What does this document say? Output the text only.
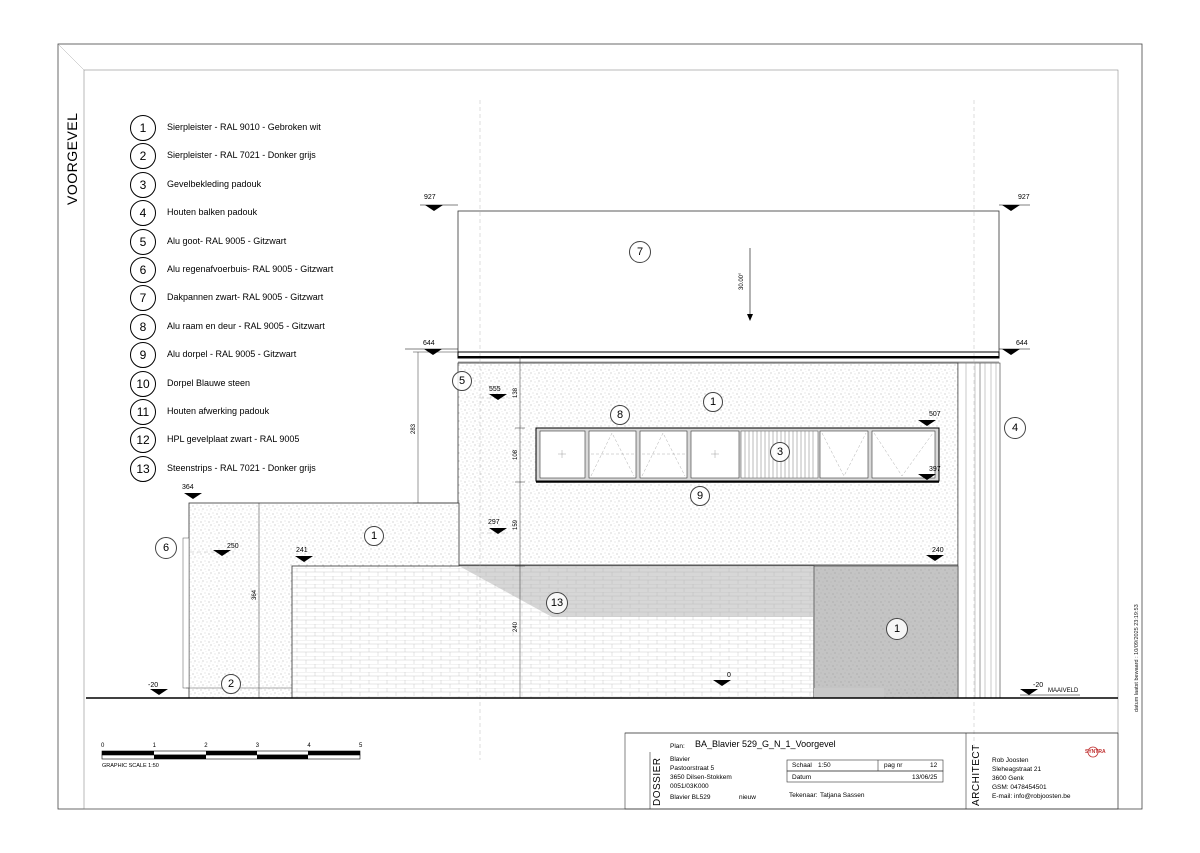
VOORGEVEL	1	Sierpleister - RAL 9010 - Gebroken wit
2	Sierpleister - RAL 7021 - Donker grijs
3	Gevelbekleding padouk
4	Houten balken padouk
5	Alu goot- RAL 9005 - Gitzwart
6	Alu regenafvoerbuis- RAL 9005 - Gitzwart
7	Dakpannen zwart- RAL 9005 - Gitzwart
8	Alu raam en deur - RAL 9005 - Gitzwart
9	Alu dorpel - RAL 9005 - Gitzwart
10	Dorpel Blauwe steen
11	Houten afwerking padouk
12	HPL gevelplaat zwart - RAL 9005
13	Steenstrips - RAL 7021 - Donker grijs
927	927
644	644
555
507
397
364
250
241
297
240
0
-20	-20
MAAIVELD
138
108
159
240
283
364
30.00°
7
5
1
8
3
4
9
6
1
13
1
2
0	1	2	3	4	5
GRAPHIC SCALE 1:50
Plan: BA_Blavier 529_G_N_1_Voorgevel
DOSSIER Blavier
Pastoorstraat 5
3650 Dilsen-Stokkem
0051/03K000
Blavier BL529	nieuw
Schaal 1:50	pag nr	12
Datum	13/06/25
Tekenaar: Tatjana Sassen	ARCHITECT Rob Joosten
Sleheagstraat 21
3600 Genk
GSM: 0478454501
E-mail: info@robjoosten.be
SYNTRA
datum laatst bewaard : 10/09/2025 23:19:53
